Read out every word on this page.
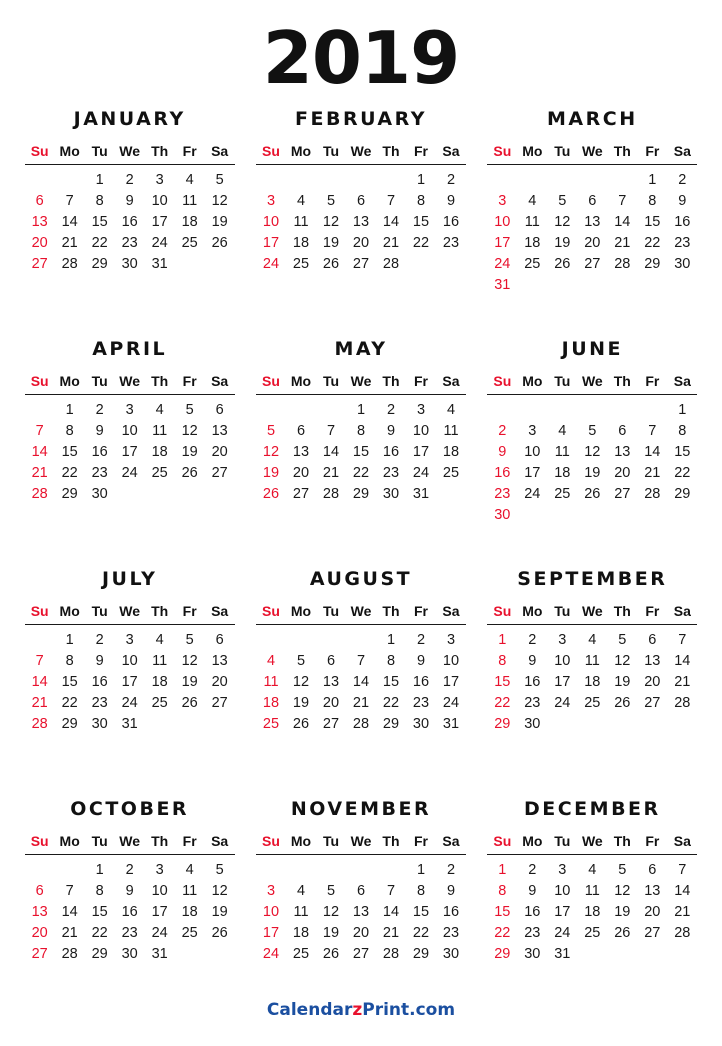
2019
JANUARY
Su	Mo	Tu	We	Th	Fr	Sa
		1	2	3	4	5
6	7	8	9	10	11	12
13	14	15	16	17	18	19
20	21	22	23	24	25	26
27	28	29	30	31		
FEBRUARY
Su	Mo	Tu	We	Th	Fr	Sa
					1	2
3	4	5	6	7	8	9
10	11	12	13	14	15	16
17	18	19	20	21	22	23
24	25	26	27	28		
MARCH
Su	Mo	Tu	We	Th	Fr	Sa
					1	2
3	4	5	6	7	8	9
10	11	12	13	14	15	16
17	18	19	20	21	22	23
24	25	26	27	28	29	30
31						
APRIL
Su	Mo	Tu	We	Th	Fr	Sa
	1	2	3	4	5	6
7	8	9	10	11	12	13
14	15	16	17	18	19	20
21	22	23	24	25	26	27
28	29	30				
MAY
Su	Mo	Tu	We	Th	Fr	Sa
			1	2	3	4
5	6	7	8	9	10	11
12	13	14	15	16	17	18
19	20	21	22	23	24	25
26	27	28	29	30	31	
JUNE
Su	Mo	Tu	We	Th	Fr	Sa
						1
2	3	4	5	6	7	8
9	10	11	12	13	14	15
16	17	18	19	20	21	22
23	24	25	26	27	28	29
30						
JULY
Su	Mo	Tu	We	Th	Fr	Sa
	1	2	3	4	5	6
7	8	9	10	11	12	13
14	15	16	17	18	19	20
21	22	23	24	25	26	27
28	29	30	31			
AUGUST
Su	Mo	Tu	We	Th	Fr	Sa
				1	2	3
4	5	6	7	8	9	10
11	12	13	14	15	16	17
18	19	20	21	22	23	24
25	26	27	28	29	30	31
SEPTEMBER
Su	Mo	Tu	We	Th	Fr	Sa
1	2	3	4	5	6	7
8	9	10	11	12	13	14
15	16	17	18	19	20	21
22	23	24	25	26	27	28
29	30					
OCTOBER
Su	Mo	Tu	We	Th	Fr	Sa
		1	2	3	4	5
6	7	8	9	10	11	12
13	14	15	16	17	18	19
20	21	22	23	24	25	26
27	28	29	30	31		
NOVEMBER
Su	Mo	Tu	We	Th	Fr	Sa
					1	2
3	4	5	6	7	8	9
10	11	12	13	14	15	16
17	18	19	20	21	22	23
24	25	26	27	28	29	30
DECEMBER
Su	Mo	Tu	We	Th	Fr	Sa
1	2	3	4	5	6	7
8	9	10	11	12	13	14
15	16	17	18	19	20	21
22	23	24	25	26	27	28
29	30	31				
CalendarzPrint.com
